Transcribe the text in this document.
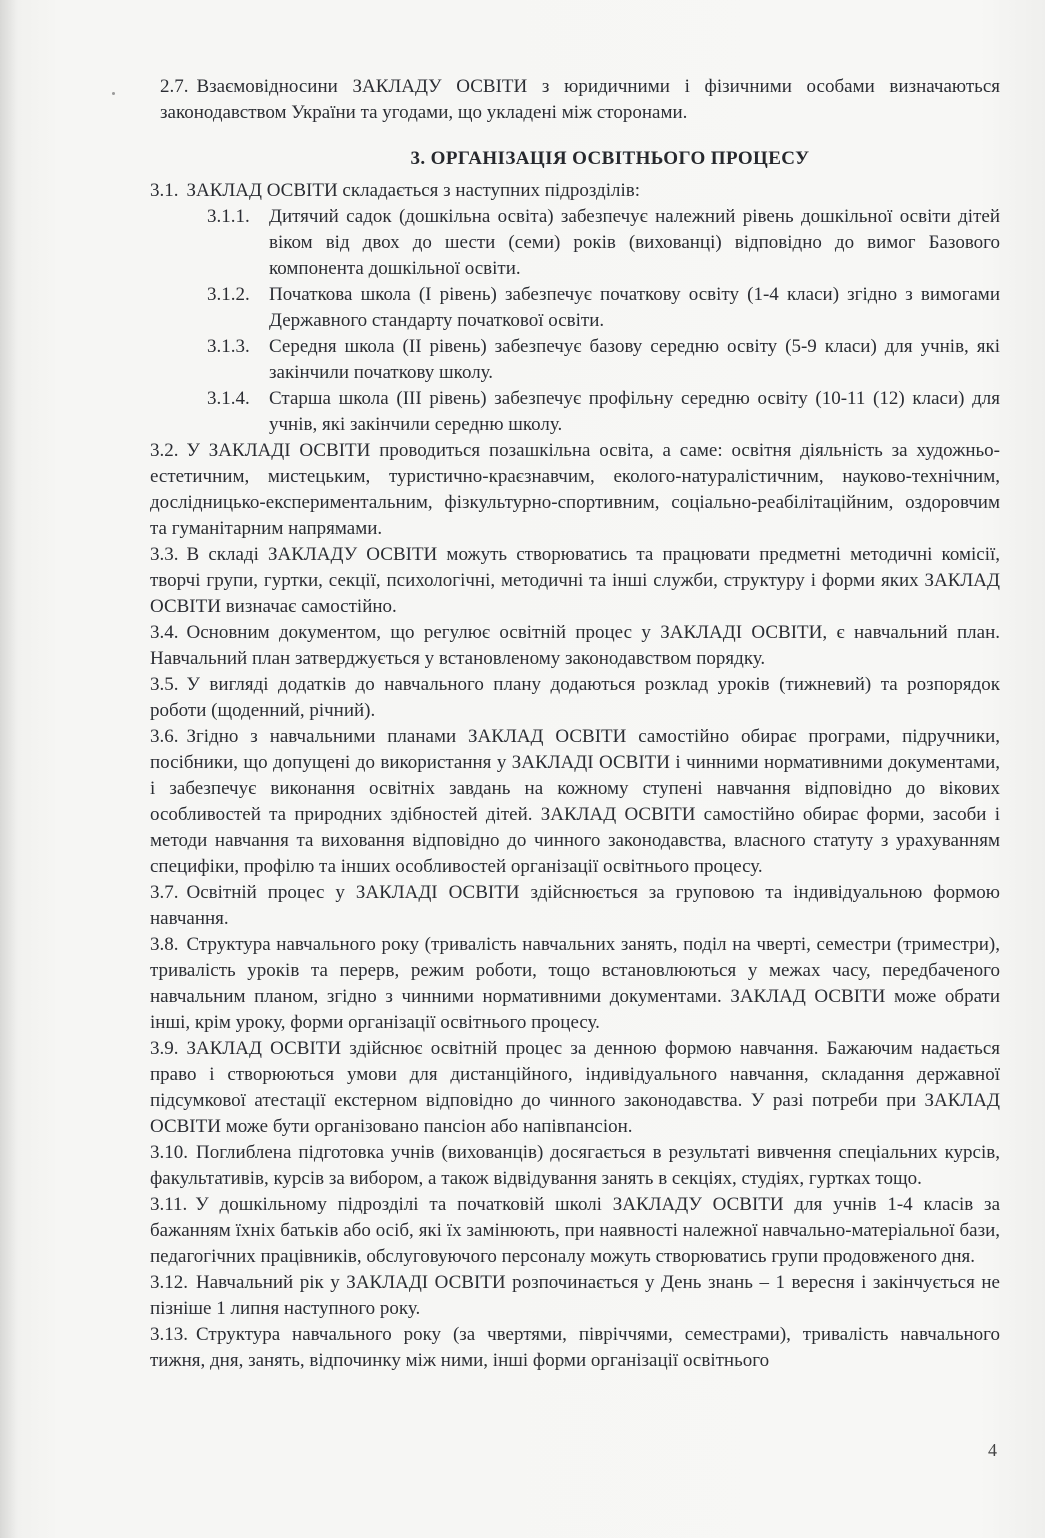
2.7. Взаємовідносини ЗАКЛАДУ ОСВІТИ з юридичними і фізичними особами визначаються законодавством України та угодами, що укладені між сторонами.

3. ОРГАНІЗАЦІЯ ОСВІТНЬОГО ПРОЦЕСУ

3.1. ЗАКЛАД ОСВІТИ складається з наступних підрозділів:

3.1.1.	Дитячий садок (дошкільна освіта) забезпечує належний рівень дошкільної освіти дітей віком від двох до шести (семи) років (вихованці) відповідно до вимог Базового компонента дошкільної освіти.
3.1.2.	Початкова школа (І рівень) забезпечує початкову освіту (1-4 класи) згідно з вимогами Державного стандарту початкової освіти.
3.1.3.	Середня школа (ІІ рівень) забезпечує базову середню освіту (5-9 класи) для учнів, які закінчили початкову школу.
3.1.4.	Старша школа (ІІІ рівень) забезпечує профільну середню освіту (10-11 (12) класи) для учнів, які закінчили середню школу.

3.2. У ЗАКЛАДІ ОСВІТИ проводиться позашкільна освіта, а саме: освітня діяльність за художньо-естетичним, мистецьким, туристично-краєзнавчим, еколого-натуралістичним, науково-технічним, дослідницько-експериментальним, фізкультурно-спортивним, соціально-реабілітаційним, оздоровчим та гуманітарним напрямами.

3.3. В складі ЗАКЛАДУ ОСВІТИ можуть створюватись та працювати предметні методичні комісії, творчі групи, гуртки, секції, психологічні, методичні та інші служби, структуру і форми яких ЗАКЛАД ОСВІТИ визначає самостійно.

3.4. Основним документом, що регулює освітній процес у ЗАКЛАДІ ОСВІТИ, є навчальний план. Навчальний план затверджується у встановленому законодавством порядку.

3.5. У вигляді додатків до навчального плану додаються розклад уроків (тижневий) та розпорядок роботи (щоденний, річний).

3.6. Згідно з навчальними планами ЗАКЛАД ОСВІТИ самостійно обирає програми, підручники, посібники, що допущені до використання у ЗАКЛАДІ ОСВІТИ і чинними нормативними документами, і забезпечує виконання освітніх завдань на кожному ступені навчання відповідно до вікових особливостей та природних здібностей дітей. ЗАКЛАД ОСВІТИ самостійно обирає форми, засоби і методи навчання та виховання відповідно до чинного законодавства, власного статуту з урахуванням специфіки, профілю та інших особливостей організації освітнього процесу.

3.7. Освітній процес у ЗАКЛАДІ ОСВІТИ здійснюється за груповою та індивідуальною формою навчання.

3.8. Структура навчального року (тривалість навчальних занять, поділ на чверті, семестри (триместри), тривалість уроків та перерв, режим роботи, тощо встановлюються у межах часу, передбаченого навчальним планом, згідно з чинними нормативними документами. ЗАКЛАД ОСВІТИ може обрати інші, крім уроку, форми організації освітнього процесу.

3.9. ЗАКЛАД ОСВІТИ здійснює освітній процес за денною формою навчання. Бажаючим надається право і створюються умови для дистанційного, індивідуального навчання, складання державної підсумкової атестації екстерном відповідно до чинного законодавства. У разі потреби при ЗАКЛАД ОСВІТИ може бути організовано пансіон або напівпансіон.

3.10. Поглиблена підготовка учнів (вихованців) досягається в результаті вивчення спеціальних курсів, факультативів, курсів за вибором, а також відвідування занять в секціях, студіях, гуртках тощо.

3.11. У дошкільному підрозділі та початковій школі ЗАКЛАДУ ОСВІТИ для учнів 1-4 класів за бажанням їхніх батьків або осіб, які їх замінюють, при наявності належної навчально-матеріальної бази, педагогічних працівників, обслуговуючого персоналу можуть створюватись групи продовженого дня.

3.12. Навчальний рік у ЗАКЛАДІ ОСВІТИ розпочинається у День знань – 1 вересня і закінчується не пізніше 1 липня наступного року.

3.13. Структура навчального року (за чвертями, півріччями, семестрами), тривалість навчального тижня, дня, занять, відпочинку між ними, інші форми організації освітнього

4
